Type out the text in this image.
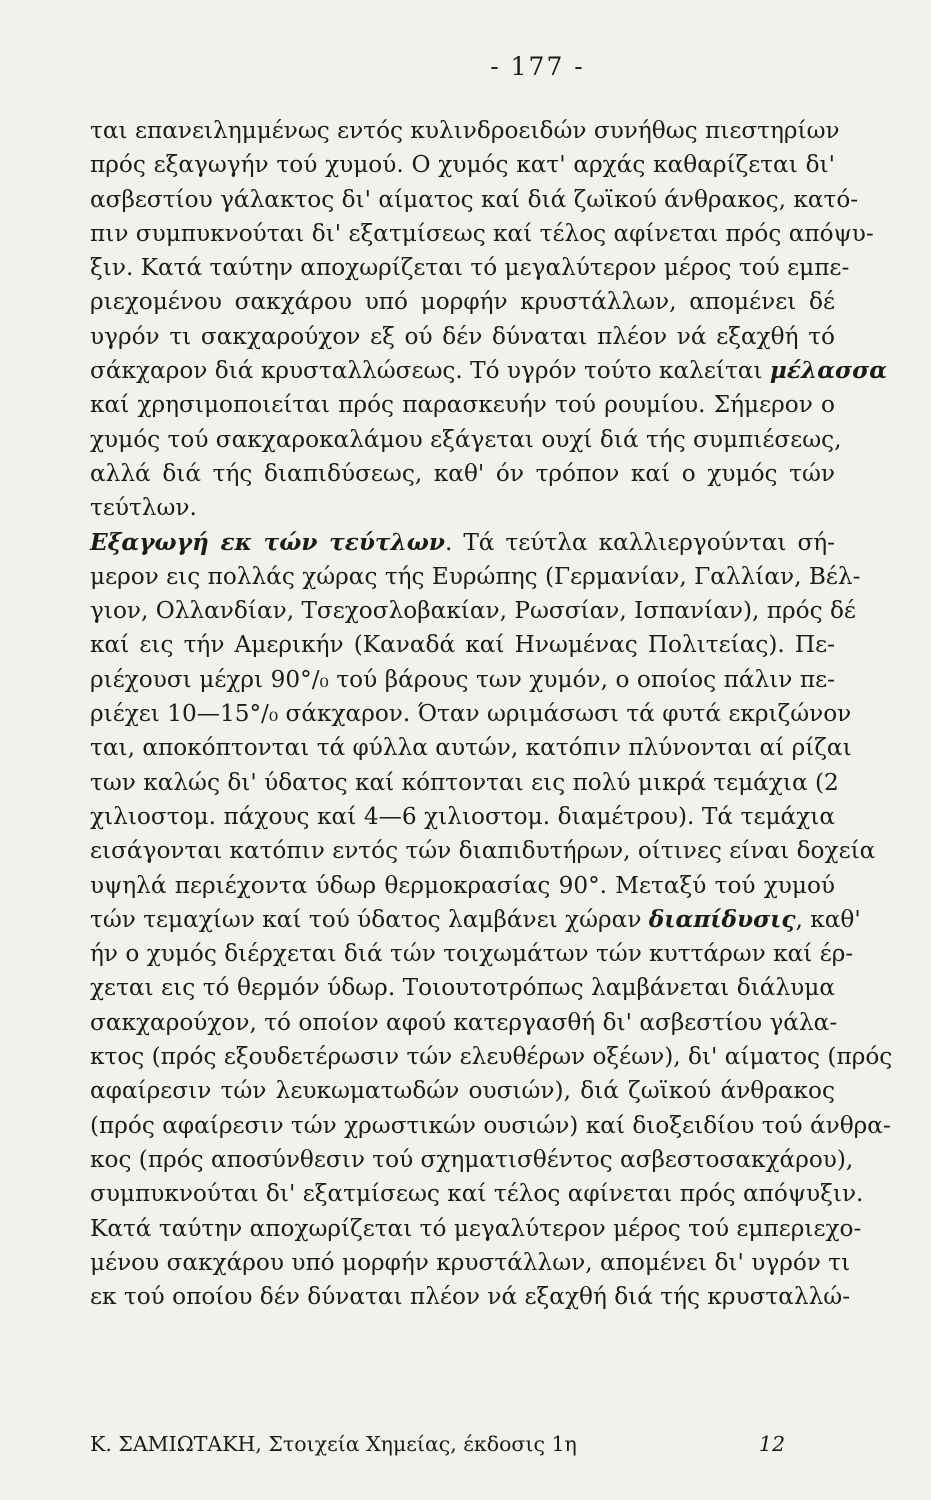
- 177 -
ται επανειλημμένως εντός κυλινδροειδών συνήθως πιεστηρίων
πρός εξαγωγήν τού χυμού. Ο χυμός κατ' αρχάς καθαρίζεται δι'
ασβεστίου γάλακτος δι' αίματος καί διά ζωϊκού άνθρακος, κατό-
πιν συμπυκνούται δι' εξατμίσεως καί τέλος αφίνεται πρός απόψυ-
ξιν. Κατά ταύτην αποχωρίζεται τό μεγαλύτερον μέρος τού εμπε-
ριεχομένου σακχάρου υπό μορφήν κρυστάλλων, απομένει δέ
υγρόν τι σακχαρούχον εξ ού δέν δύναται πλέον νά εξαχθή τό
σάκχαρον διά κρυσταλλώσεως. Τό υγρόν τούτο καλείται μέλασσα
καί χρησιμοποιείται πρός παρασκευήν τού ρουμίου. Σήμερον ο
χυμός τού σακχαροκαλάμου εξάγεται ουχί διά τής συμπιέσεως,
αλλά διά τής διαπιδύσεως, καθ' όν τρόπον καί ο χυμός τών
τεύτλων.
Εξαγωγή εκ τών τεύτλων. Τά τεύτλα καλλιεργούνται σή-
μερον εις πολλάς χώρας τής Ευρώπης (Γερμανίαν, Γαλλίαν, Βέλ-
γιον, Ολλανδίαν, Τσεχοσλοβακίαν, Ρωσσίαν, Ισπανίαν), πρός δέ
καί εις τήν Αμερικήν (Καναδά καί Ηνωμένας Πολιτείας). Πε-
ριέχουσι μέχρι 90°/₀ τού βάρους των χυμόν, ο οποίος πάλιν πε-
ριέχει 10—15°/₀ σάκχαρον. Όταν ωριμάσωσι τά φυτά εκριζώνον
ται, αποκόπτονται τά φύλλα αυτών, κατόπιν πλύνονται αί ρίζαι
των καλώς δι' ύδατος καί κόπτονται εις πολύ μικρά τεμάχια (2
χιλιοστομ. πάχους καί 4—6 χιλιοστομ. διαμέτρου). Τά τεμάχια
εισάγονται κατόπιν εντός τών διαπιδυτήρων, οίτινες είναι δοχεία
υψηλά περιέχοντα ύδωρ θερμοκρασίας 90°. Μεταξύ τού χυμού
τών τεμαχίων καί τού ύδατος λαμβάνει χώραν διαπίδυσις, καθ'
ήν ο χυμός διέρχεται διά τών τοιχωμάτων τών κυττάρων καί έρ-
χεται εις τό θερμόν ύδωρ. Τοιουτοτρόπως λαμβάνεται διάλυμα
σακχαρούχον, τό οποίον αφού κατεργασθή δι' ασβεστίου γάλα-
κτος (πρός εξουδετέρωσιν τών ελευθέρων οξέων), δι' αίματος (πρός
αφαίρεσιν τών λευκωματωδών ουσιών), διά ζωϊκού άνθρακος
(πρός αφαίρεσιν τών χρωστικών ουσιών) καί διοξειδίου τού άνθρα-
κος (πρός αποσύνθεσιν τού σχηματισθέντος ασβεστοσακχάρου),
συμπυκνούται δι' εξατμίσεως καί τέλος αφίνεται πρός απόψυξιν.
Κατά ταύτην αποχωρίζεται τό μεγαλύτερον μέρος τού εμπεριεχο-
μένου σακχάρου υπό μορφήν κρυστάλλων, απομένει δι' υγρόν τι
εκ τού οποίου δέν δύναται πλέον νά εξαχθή διά τής κρυσταλλώ-
Κ. ΣΑΜΙΩΤΑΚΗ, Στοιχεία Χημείας, έκδοσις 1η	12
